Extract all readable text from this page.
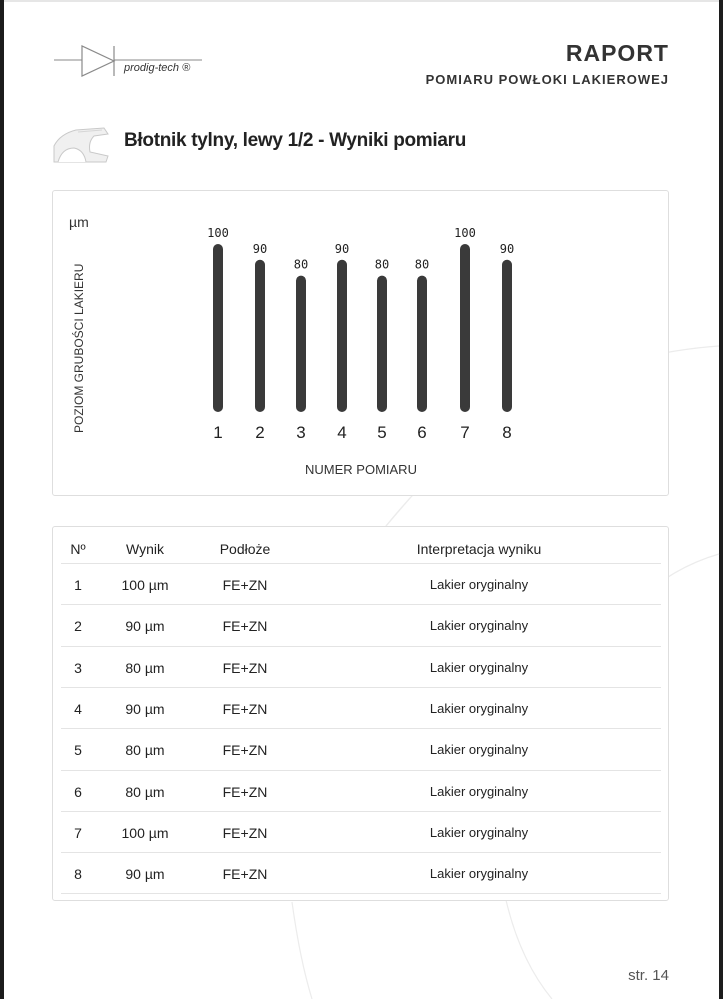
prodig-tech ®
RAPORT
POMIARU POWŁOKI LAKIEROWEJ
Błotnik tylny, lewy 1/2 - Wyniki pomiaru
µm
POZIOM GRUBOŚCI LAKIERU
NUMER POMIARU
100
1
90
2
80
3
90
4
80
5
80
6
100
7
90
8
Nº	Wynik	Podłoże	Interpretacja wyniku
1	100 µm	FE+ZN	Lakier oryginalny
2	90 µm	FE+ZN	Lakier oryginalny
3	80 µm	FE+ZN	Lakier oryginalny
4	90 µm	FE+ZN	Lakier oryginalny
5	80 µm	FE+ZN	Lakier oryginalny
6	80 µm	FE+ZN	Lakier oryginalny
7	100 µm	FE+ZN	Lakier oryginalny
8	90 µm	FE+ZN	Lakier oryginalny
str. 14
